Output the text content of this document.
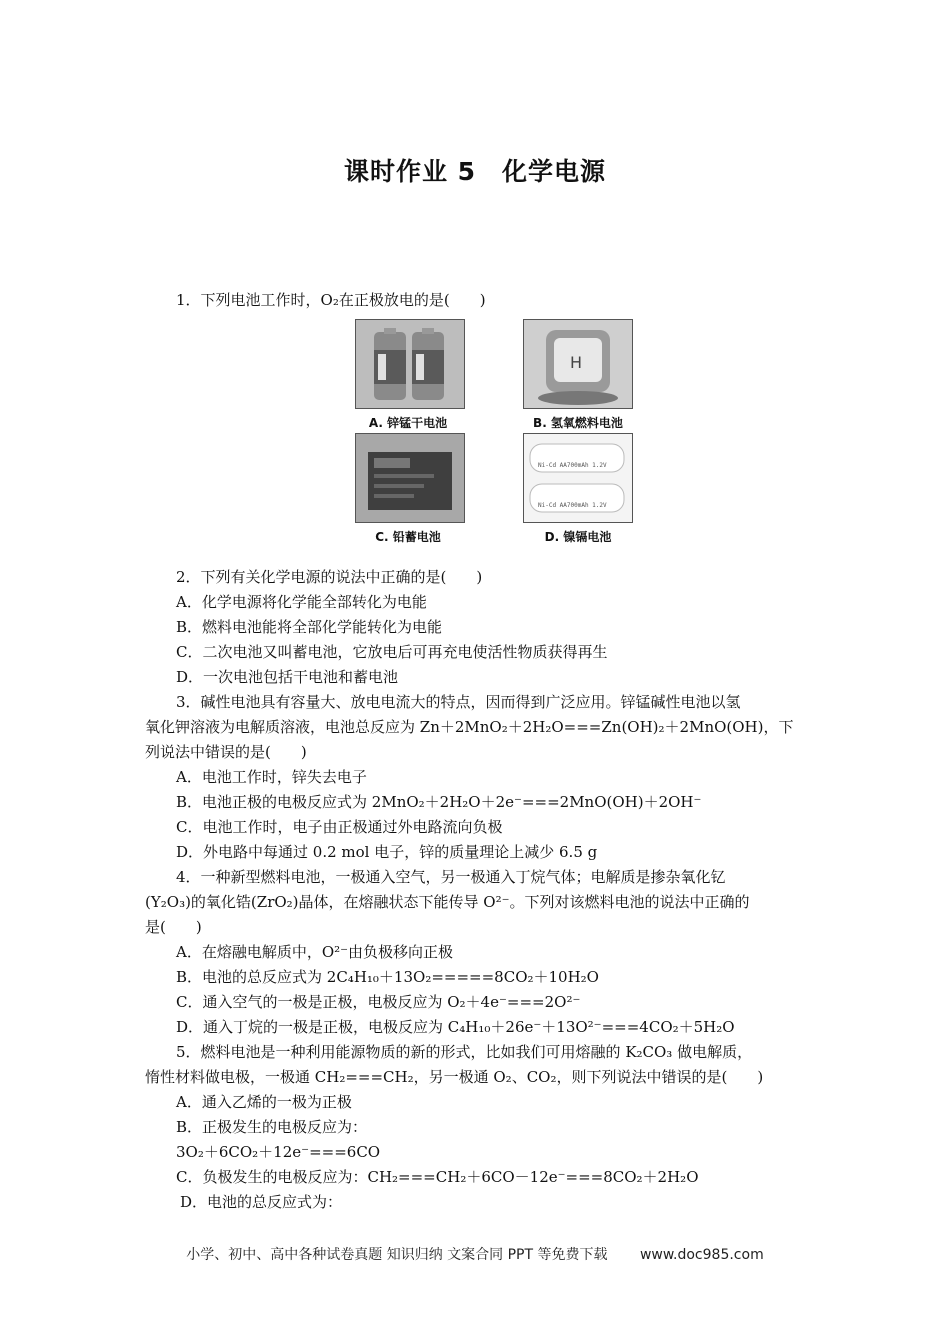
课时作业 5　化学电源
1．下列电池工作时，O₂在正极放电的是(　　)
A. 锌锰干电池
H
B. 氢氧燃料电池
C. 铅蓄电池
Ni-Cd AA700mAh 1.2V
Ni-Cd AA700mAh 1.2V
D. 镍镉电池
2．下列有关化学电源的说法中正确的是(　　)
A．化学电源将化学能全部转化为电能
B．燃料电池能将全部化学能转化为电能
C．二次电池又叫蓄电池，它放电后可再充电使活性物质获得再生
D．一次电池包括干电池和蓄电池
3．碱性电池具有容量大、放电电流大的特点，因而得到广泛应用。锌锰碱性电池以氢
氧化钾溶液为电解质溶液，电池总反应为 Zn＋2MnO₂＋2H₂O===Zn(OH)₂＋2MnO(OH)，下
列说法中错误的是(　　)
A．电池工作时，锌失去电子
B．电池正极的电极反应式为 2MnO₂＋2H₂O＋2e⁻===2MnO(OH)＋2OH⁻
C．电池工作时，电子由正极通过外电路流向负极
D．外电路中每通过 0.2 mol 电子，锌的质量理论上减少 6.5 g
4．一种新型燃料电池，一极通入空气，另一极通入丁烷气体；电解质是掺杂氧化钇
(Y₂O₃)的氧化锆(ZrO₂)晶体，在熔融状态下能传导 O²⁻。下列对该燃料电池的说法中正确的
是(　　)
A．在熔融电解质中，O²⁻由负极移向正极
B．电池的总反应式为 2C₄H₁₀＋13O₂=====8CO₂＋10H₂O
C．通入空气的一极是正极，电极反应为 O₂＋4e⁻===2O²⁻
D．通入丁烷的一极是正极，电极反应为 C₄H₁₀＋26e⁻＋13O²⁻===4CO₂＋5H₂O
5．燃料电池是一种利用能源物质的新的形式，比如我们可用熔融的 K₂CO₃ 做电解质，
惰性材料做电极，一极通 CH₂===CH₂，另一极通 O₂、CO₂，则下列说法中错误的是(　　)
A．通入乙烯的一极为正极
B．正极发生的电极反应为：
3O₂＋6CO₂＋12e⁻===6CO
C．负极发生的电极反应为：CH₂===CH₂＋6CO－12e⁻===8CO₂＋2H₂O
D．电池的总反应式为：
小学、初中、高中各种试卷真题 知识归纳 文案合同 PPT 等免费下载 www.doc985.com
